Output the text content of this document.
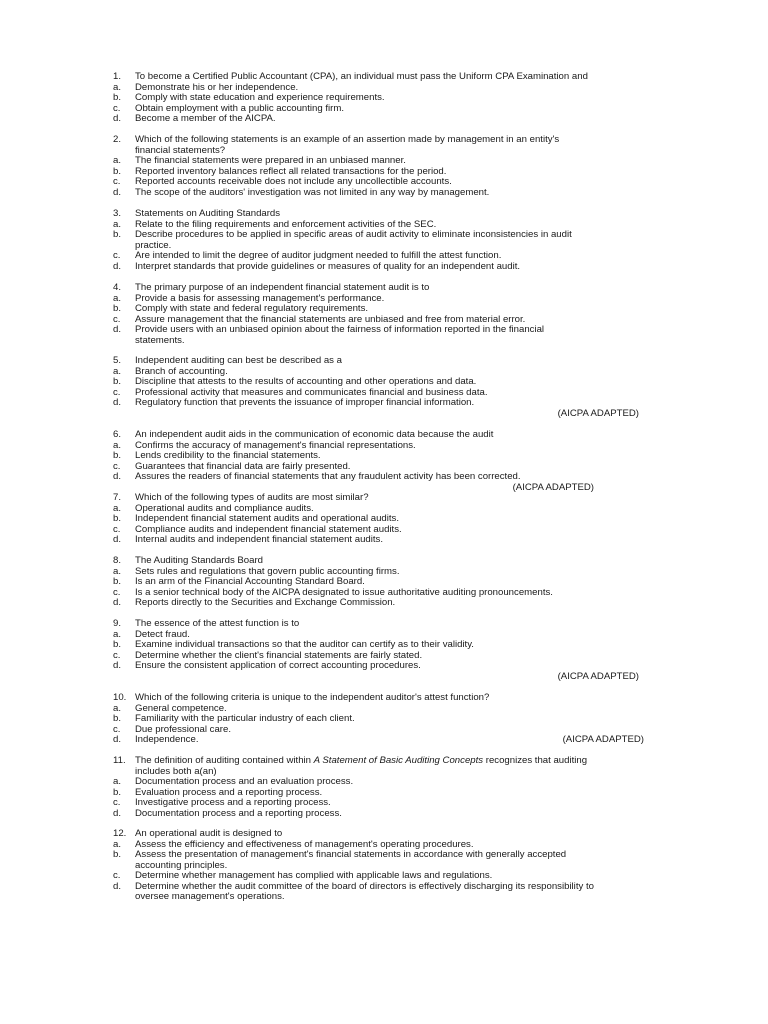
1.	To become a Certified Public Accountant (CPA), an individual must pass the Uniform CPA Examination and
a.	Demonstrate his or her independence.
b.	Comply with state education and experience requirements.
c.	Obtain employment with a public accounting firm.
d.	Become a member of the AICPA.
2.	Which of the following statements is an example of an assertion made by management in an entity's
financial statements?
a.	The financial statements were prepared in an unbiased manner.
b.	Reported inventory balances reflect all related transactions for the period.
c.	Reported accounts receivable does not include any uncollectible accounts.
d.	The scope of the auditors' investigation was not limited in any way by management.
3.	Statements on Auditing Standards
a.	Relate to the filing requirements and enforcement activities of the SEC.
b.	Describe procedures to be applied in specific areas of audit activity to eliminate inconsistencies in audit
practice.
c.	Are intended to limit the degree of auditor judgment needed to fulfill the attest function.
d.	Interpret standards that provide guidelines or measures of quality for an independent audit.
4.	The primary purpose of an independent financial statement audit is to
a.	Provide a basis for assessing management's performance.
b.	Comply with state and federal regulatory requirements.
c.	Assure management that the financial statements are unbiased and free from material error.
d.	Provide users with an unbiased opinion about the fairness of information reported in the financial
statements.
5.	Independent auditing can best be described as a
a.	Branch of accounting.
b.	Discipline that attests to the results of accounting and other operations and data.
c.	Professional activity that measures and communicates financial and business data.
d.	Regulatory function that prevents the issuance of improper financial information.
(AICPA ADAPTED)
6.	An independent audit aids in the communication of economic data because the audit
a.	Confirms the accuracy of management's financial representations.
b.	Lends credibility to the financial statements.
c.	Guarantees that financial data are fairly presented.
d.	Assures the readers of financial statements that any fraudulent activity has been corrected.
(AICPA ADAPTED)
7.	Which of the following types of audits are most similar?
a.	Operational audits and compliance audits.
b.	Independent financial statement audits and operational audits.
c.	Compliance audits and independent financial statement audits.
d.	Internal audits and independent financial statement audits.
8.	The Auditing Standards Board
a.	Sets rules and regulations that govern public accounting firms.
b.	Is an arm of the Financial Accounting Standard Board.
c.	Is a senior technical body of the AICPA designated to issue authoritative auditing pronouncements.
d.	Reports directly to the Securities and Exchange Commission.
9.	The essence of the attest function is to
a.	Detect fraud.
b.	Examine individual transactions so that the auditor can certify as to their validity.
c.	Determine whether the client's financial statements are fairly stated.
d.	Ensure the consistent application of correct accounting procedures.
(AICPA ADAPTED)
10. Which of the following criteria is unique to the independent auditor's attest function?
a.	General competence.
b.	Familiarity with the particular industry of each client.
c.	Due professional care.
d.	Independence.	(AICPA ADAPTED)
11. The definition of auditing contained within A Statement of Basic Auditing Concepts recognizes that auditing
includes both a(an)
a.	Documentation process and an evaluation process.
b.	Evaluation process and a reporting process.
c.	Investigative process and a reporting process.
d.	Documentation process and a reporting process.
12. An operational audit is designed to
a.	Assess the efficiency and effectiveness of management's operating procedures.
b.	Assess the presentation of management's financial statements in accordance with generally accepted
accounting principles.
c.	Determine whether management has complied with applicable laws and regulations.
d.	Determine whether the audit committee of the board of directors is effectively discharging its responsibility to
oversee management's operations.
